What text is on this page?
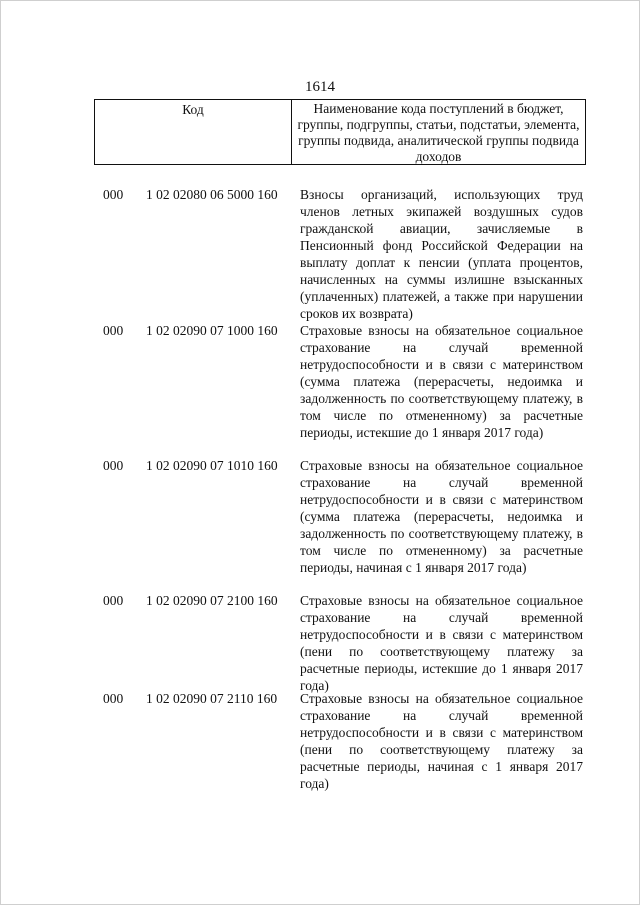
1614
Код	Наименование кода поступлений в бюджет, группы, подгруппы, статьи, подстатьи, элемента, группы подвида, аналитической группы подвида доходов
000 1 02 02080 06 5000 160 Взносы организаций, использующих труд членов летных экипажей воздушных судов гражданской авиации, зачисляемые в Пенсионный фонд Российской Федерации на выплату доплат к пенсии (уплата процентов, начисленных на суммы излишне взысканных (уплаченных) платежей, а также при нарушении сроков их возврата)
000 1 02 02090 07 1000 160 Страховые взносы на обязательное социальное страхование на случай временной нетрудоспособности и в связи с материнством (сумма платежа (перерасчеты, недоимка и задолженность по соответствующему платежу, в том числе по отмененному) за расчетные периоды, истекшие до 1 января 2017 года)
000 1 02 02090 07 1010 160 Страховые взносы на обязательное социальное страхование на случай временной нетрудоспособности и в связи с материнством (сумма платежа (перерасчеты, недоимка и задолженность по соответствующему платежу, в том числе по отмененному) за расчетные периоды, начиная с 1 января 2017 года)
000 1 02 02090 07 2100 160 Страховые взносы на обязательное социальное страхование на случай временной нетрудоспособности и в связи с материнством (пени по соответствующему платежу за расчетные периоды, истекшие до 1 января 2017 года)
000 1 02 02090 07 2110 160 Страховые взносы на обязательное социальное страхование на случай временной нетрудоспособности и в связи с материнством (пени по соответствующему платежу за расчетные периоды, начиная с 1 января 2017 года)
